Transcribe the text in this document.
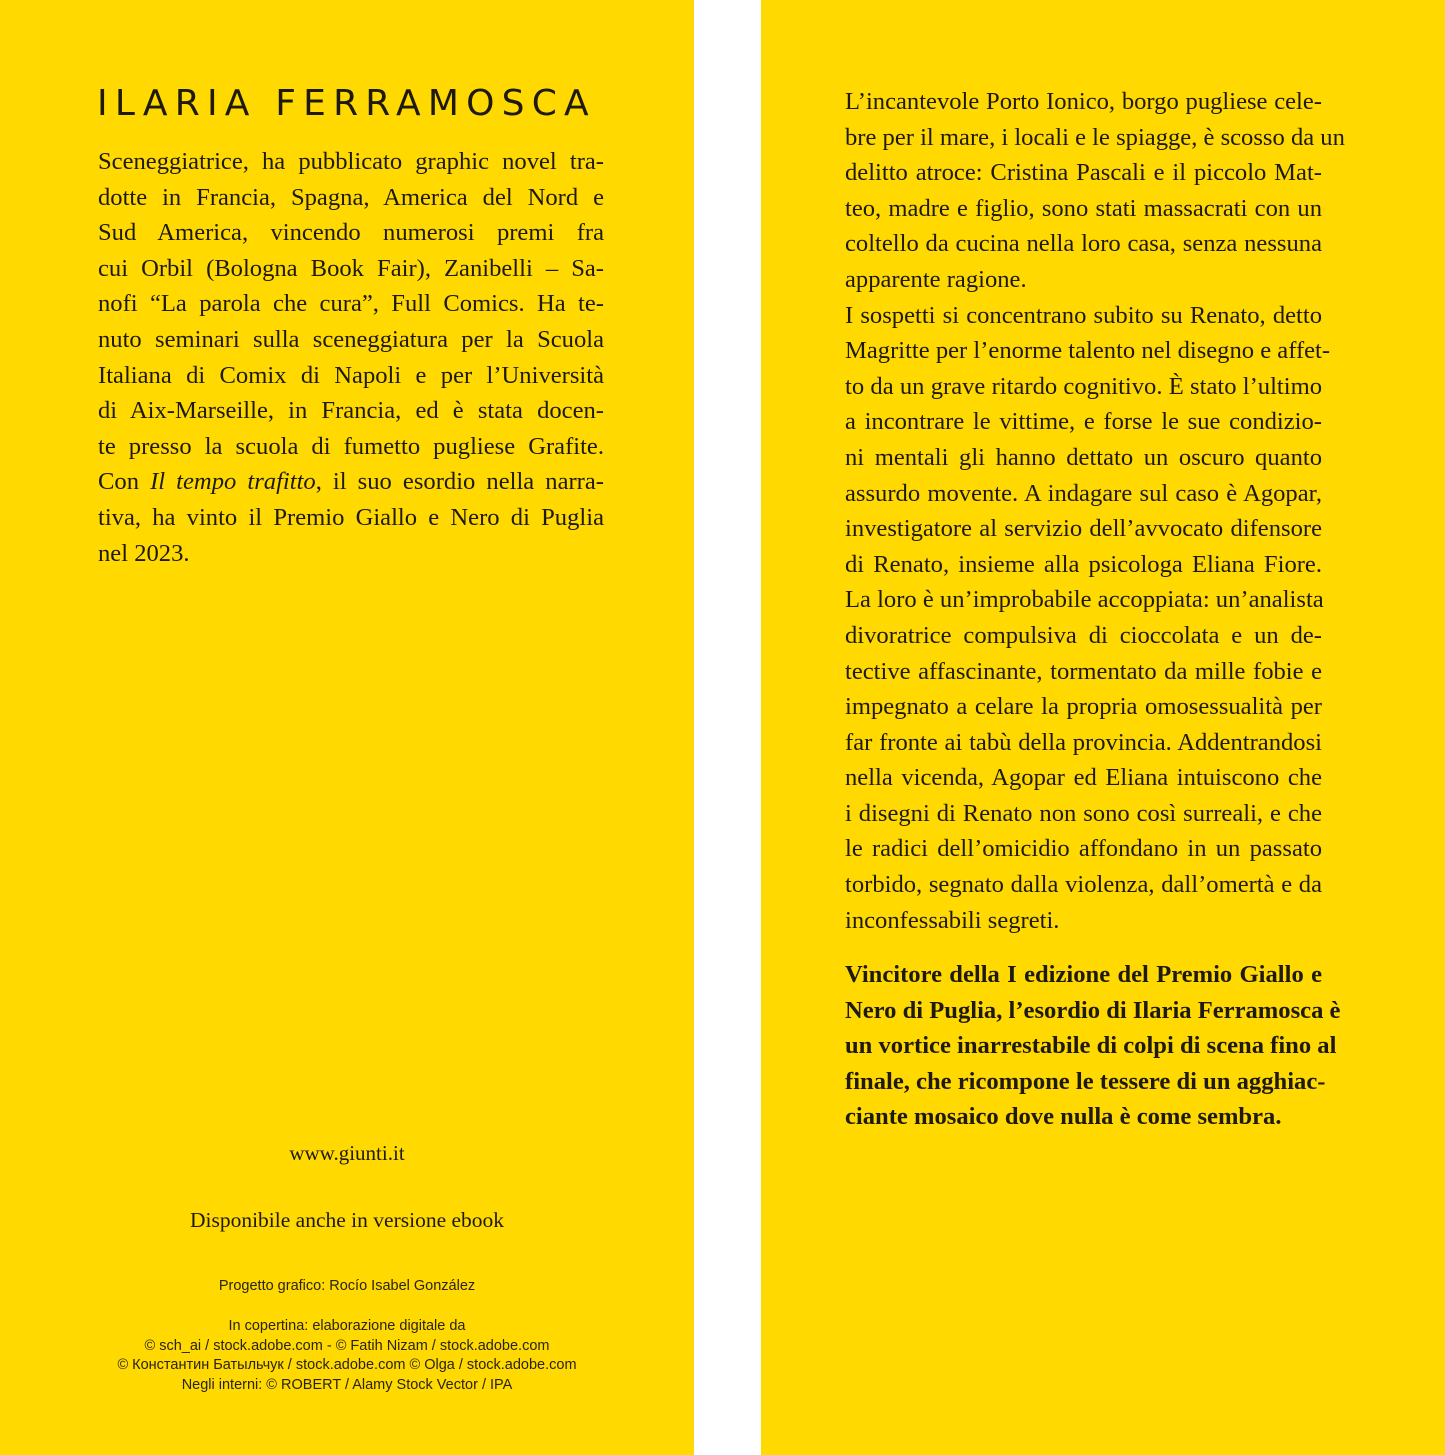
ILARIA FERRAMOSCA
Sceneggiatrice, ha pubblicato graphic novel tra-
dotte in Francia, Spagna, America del Nord e
Sud America, vincendo numerosi premi fra
cui Orbil (Bologna Book Fair), Zanibelli – Sa-
nofi “La parola che cura”, Full Comics. Ha te-
nuto seminari sulla sceneggiatura per la Scuola
Italiana di Comix di Napoli e per l’Università
di Aix-Marseille, in Francia, ed è stata docen-
te presso la scuola di fumetto pugliese Grafite.
Con Il tempo trafitto, il suo esordio nella narra-
tiva, ha vinto il Premio Giallo e Nero di Puglia
nel 2023.

www.giunti.it

Disponibile anche in versione ebook

Progetto grafico: Rocío Isabel González

In copertina: elaborazione digitale da
© sch_ai / stock.adobe.com - © Fatih Nizam / stock.adobe.com
© Константин Батыльчук / stock.adobe.com © Olga / stock.adobe.com
Negli interni: © ROBERT / Alamy Stock Vector / IPA
L’incantevole Porto Ionico, borgo pugliese cele-
bre per il mare, i locali e le spiagge, è scosso da un
delitto atroce: Cristina Pascali e il piccolo Mat-
teo, madre e figlio, sono stati massacrati con un
coltello da cucina nella loro casa, senza nessuna
apparente ragione.
I sospetti si concentrano subito su Renato, detto
Magritte per l’enorme talento nel disegno e affet-
to da un grave ritardo cognitivo. È stato l’ultimo
a incontrare le vittime, e forse le sue condizio-
ni mentali gli hanno dettato un oscuro quanto
assurdo movente. A indagare sul caso è Agopar,
investigatore al servizio dell’avvocato difensore
di Renato, insieme alla psicologa Eliana Fiore.
La loro è un’improbabile accoppiata: un’analista
divoratrice compulsiva di cioccolata e un de-
tective affascinante, tormentato da mille fobie e
impegnato a celare la propria omosessualità per
far fronte ai tabù della provincia. Addentrandosi
nella vicenda, Agopar ed Eliana intuiscono che
i disegni di Renato non sono così surreali, e che
le radici dell’omicidio affondano in un passato
torbido, segnato dalla violenza, dall’omertà e da
inconfessabili segreti.
Vincitore della I edizione del Premio Giallo e
Nero di Puglia, l’esordio di Ilaria Ferramosca è
un vortice inarrestabile di colpi di scena fino al
finale, che ricompone le tessere di un agghiac-
ciante mosaico dove nulla è come sembra.
